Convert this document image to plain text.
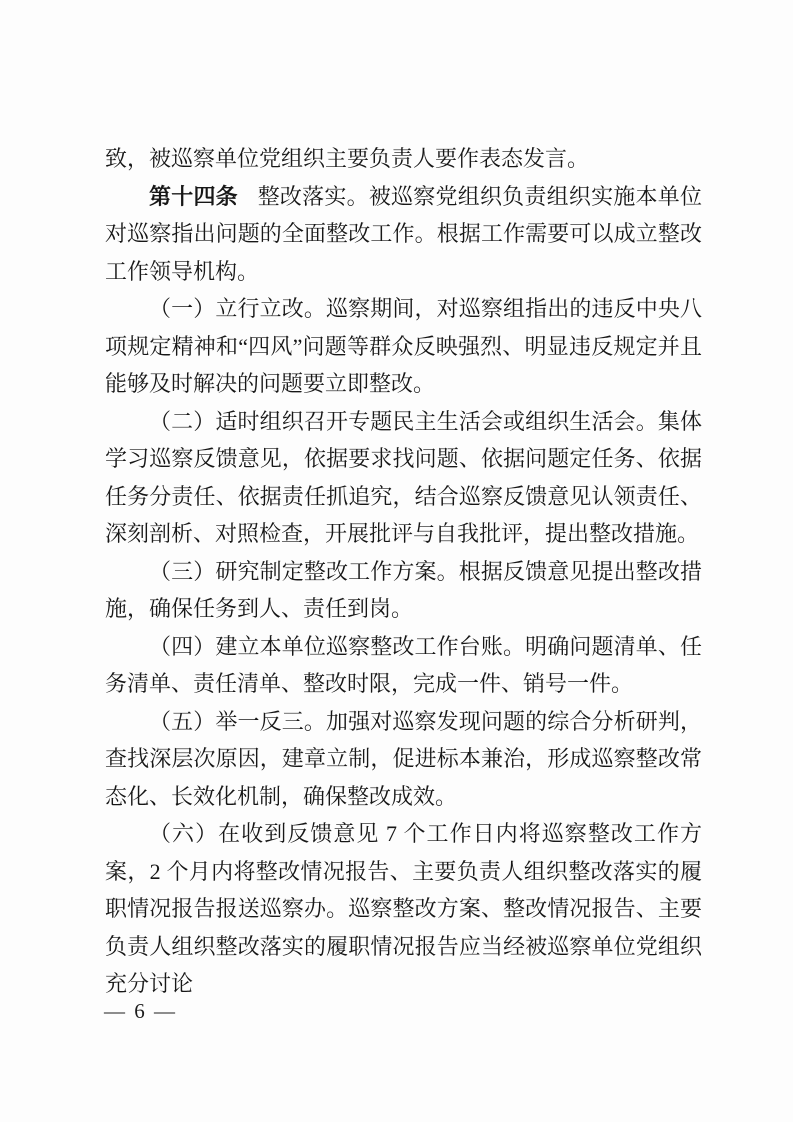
致，被巡察单位党组织主要负责人要作表态发言。

第十四条 整改落实。被巡察党组织负责组织实施本单位对巡察指出问题的全面整改工作。根据工作需要可以成立整改工作领导机构。

（一）立行立改。巡察期间，对巡察组指出的违反中央八项规定精神和“四风”问题等群众反映强烈、明显违反规定并且能够及时解决的问题要立即整改。

（二）适时组织召开专题民主生活会或组织生活会。集体学习巡察反馈意见，依据要求找问题、依据问题定任务、依据任务分责任、依据责任抓追究，结合巡察反馈意见认领责任、深刻剖析、对照检查，开展批评与自我批评，提出整改措施。

（三）研究制定整改工作方案。根据反馈意见提出整改措施，确保任务到人、责任到岗。

（四）建立本单位巡察整改工作台账。明确问题清单、任务清单、责任清单、整改时限，完成一件、销号一件。

（五）举一反三。加强对巡察发现问题的综合分析研判，查找深层次原因，建章立制，促进标本兼治，形成巡察整改常态化、长效化机制，确保整改成效。

（六）在收到反馈意见 7 个工作日内将巡察整改工作方案，2 个月内将整改情况报告、主要负责人组织整改落实的履职情况报告报送巡察办。巡察整改方案、整改情况报告、主要负责人组织整改落实的履职情况报告应当经被巡察单位党组织充分讨论

— 6 —
